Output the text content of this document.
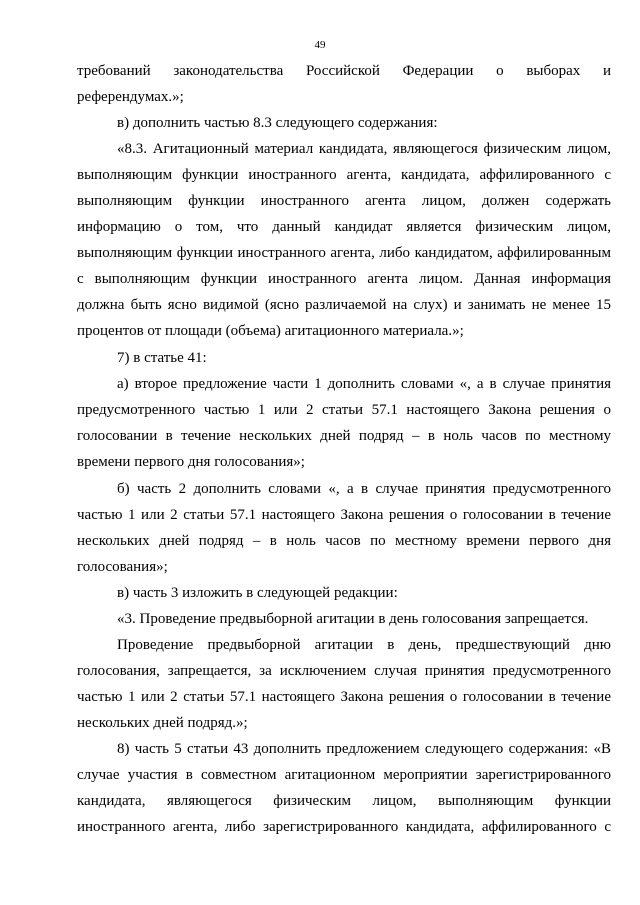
49
требований законодательства Российской Федерации о выборах и
референдумах.»;
в) дополнить частью 8.3 следующего содержания:
«8.3. Агитационный материал кандидата, являющегося физическим лицом,
выполняющим функции иностранного агента, кандидата, аффилированного с
выполняющим функции иностранного агента лицом, должен содержать
информацию о том, что данный кандидат является физическим лицом,
выполняющим функции иностранного агента, либо кандидатом, аффилированным
с выполняющим функции иностранного агента лицом. Данная информация
должна быть ясно видимой (ясно различаемой на слух) и занимать не менее 15
процентов от площади (объема) агитационного материала.»;
7) в статье 41:
а) второе предложение части 1 дополнить словами «, а в случае принятия
предусмотренного частью 1 или 2 статьи 57.1 настоящего Закона решения о
голосовании в течение нескольких дней подряд – в ноль часов по местному
времени первого дня голосования»;
б) часть 2 дополнить словами «, а в случае принятия предусмотренного
частью 1 или 2 статьи 57.1 настоящего Закона решения о голосовании в течение
нескольких дней подряд – в ноль часов по местному времени первого дня
голосования»;
в) часть 3 изложить в следующей редакции:
«3. Проведение предвыборной агитации в день голосования запрещается.
Проведение предвыборной агитации в день, предшествующий дню
голосования, запрещается, за исключением случая принятия предусмотренного
частью 1 или 2 статьи 57.1 настоящего Закона решения о голосовании в течение
нескольких дней подряд.»;
8) часть 5 статьи 43 дополнить предложением следующего содержания: «В
случае участия в совместном агитационном мероприятии зарегистрированного
кандидата, являющегося физическим лицом, выполняющим функции
иностранного агента, либо зарегистрированного кандидата, аффилированного с
